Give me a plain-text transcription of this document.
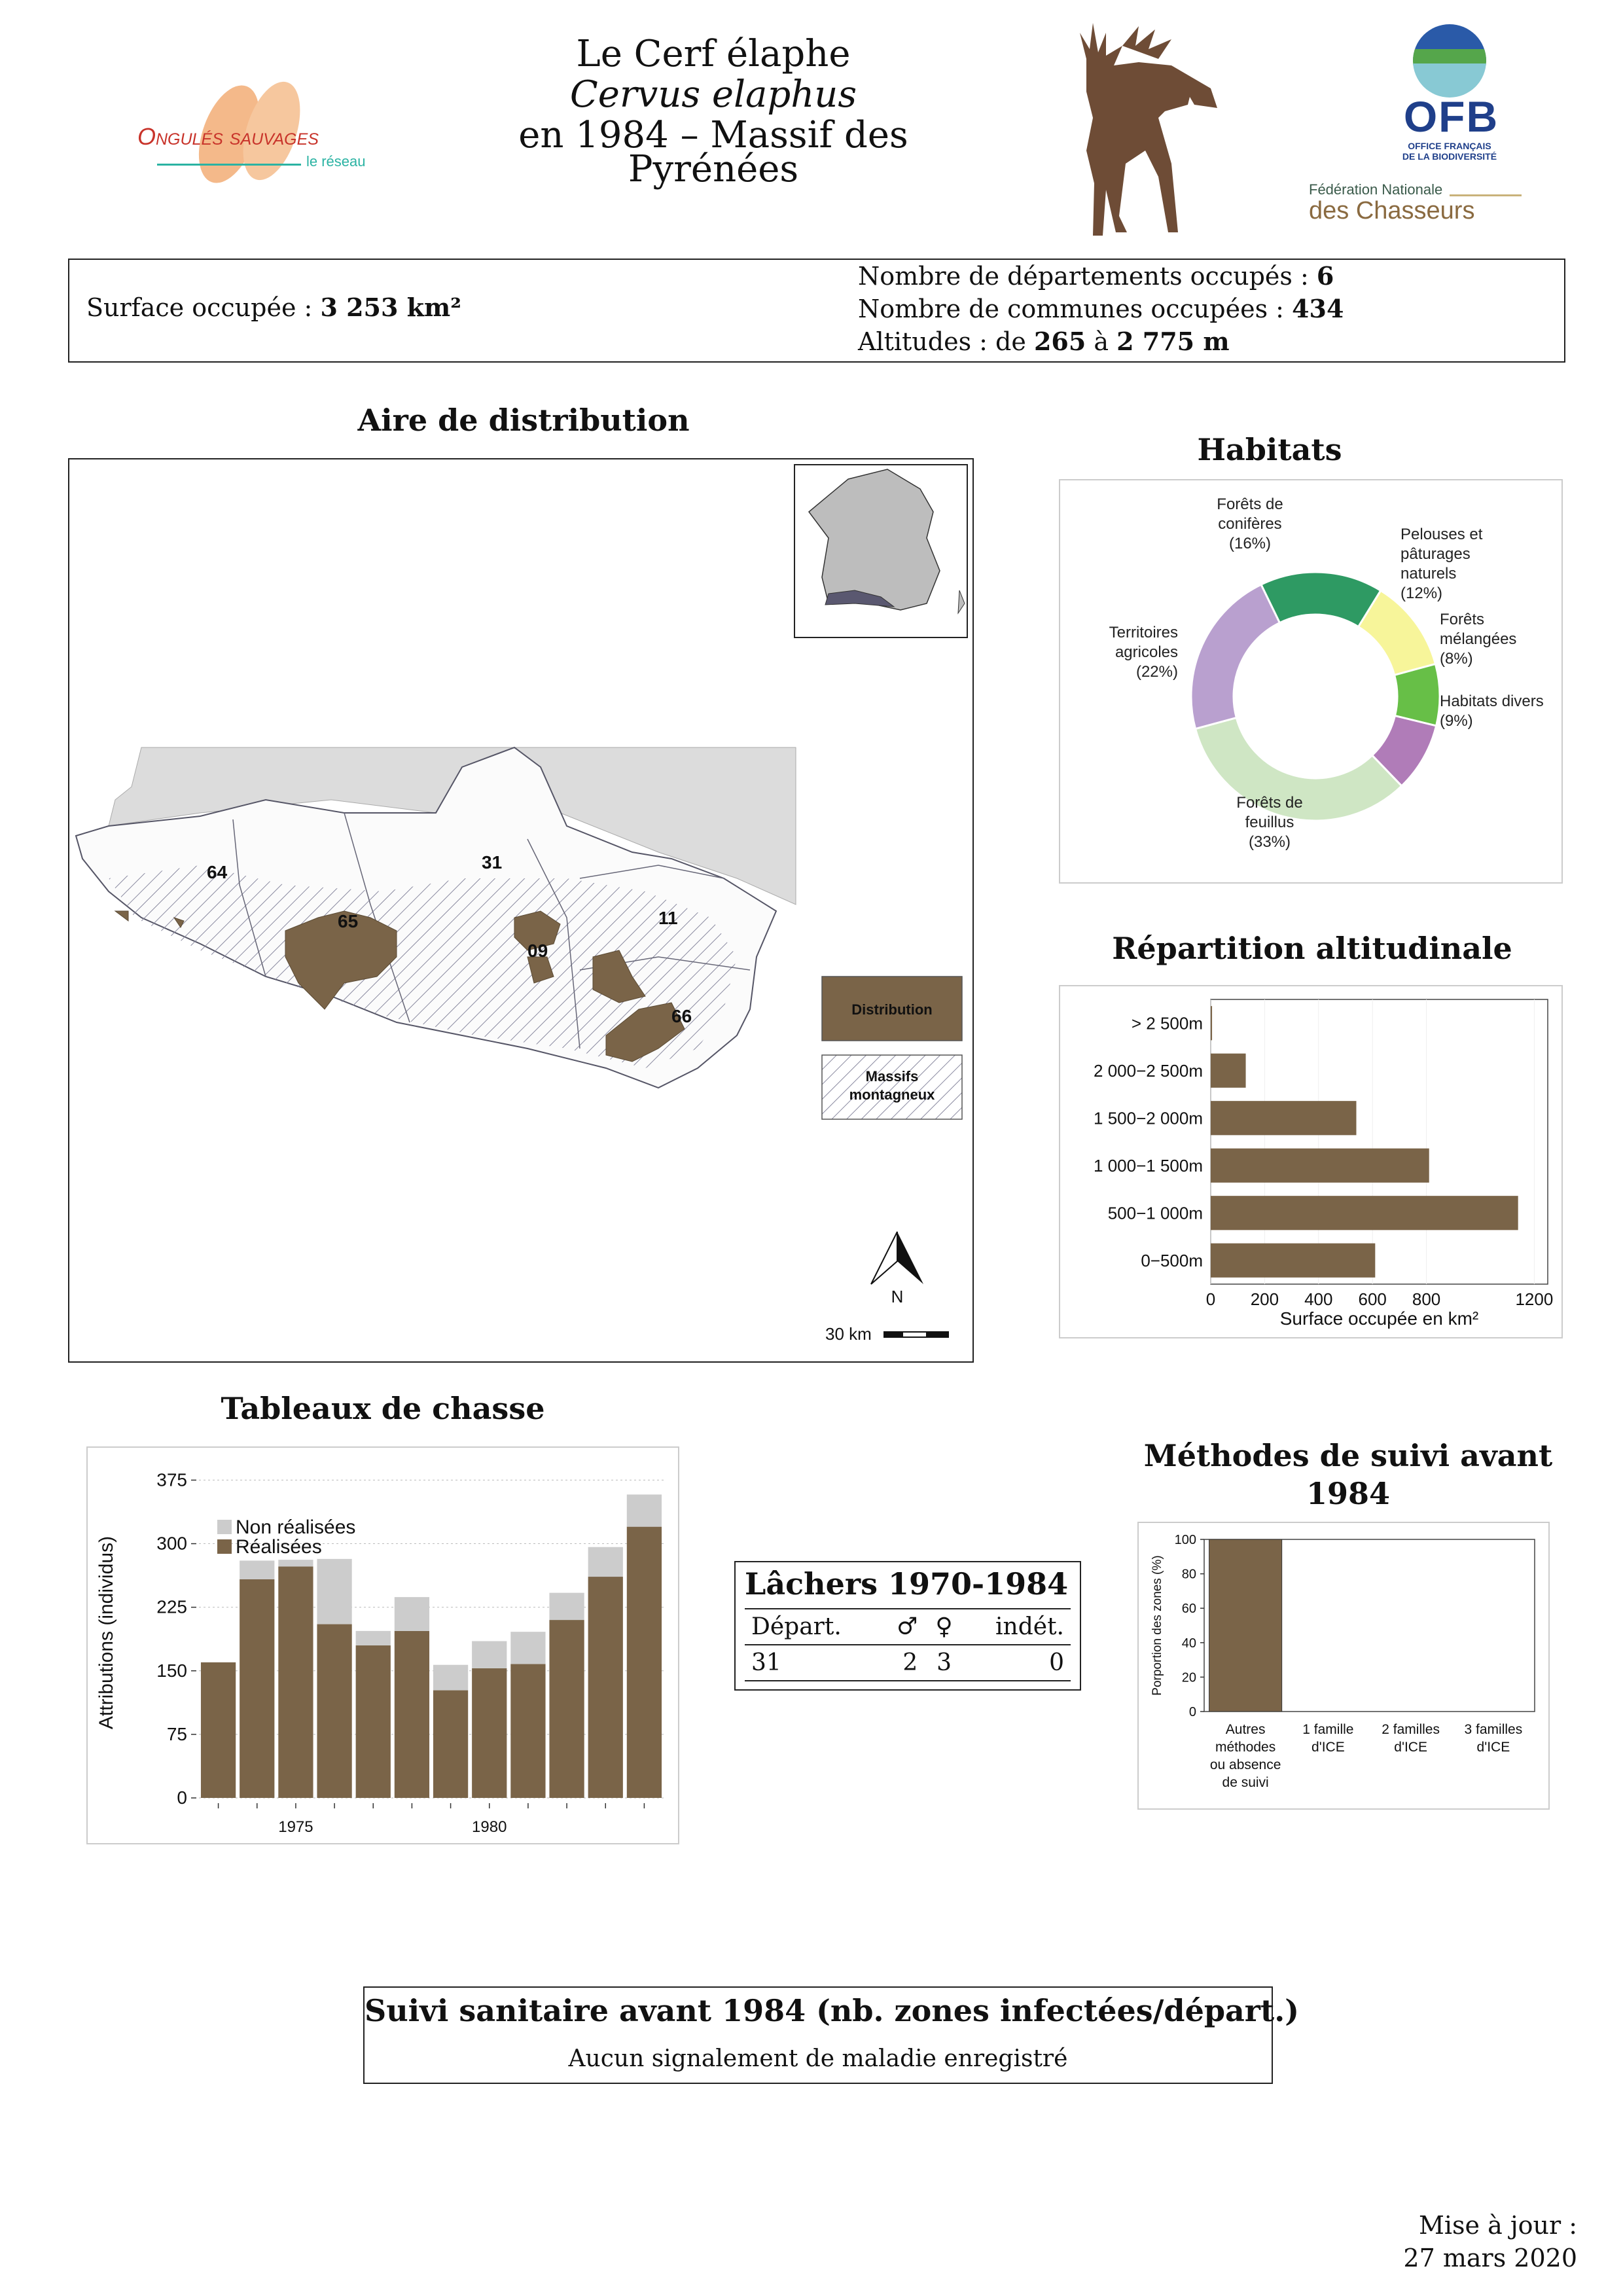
Ongulés sauvages
le réseau
Le Cerf élaphe
Cervus elaphus
en 1984 – Massif des
Pyrénées
OFB
OFFICE FRANÇAIS
DE LA BIODIVERSITÉ
Fédération Nationale
des Chasseurs
Surface occupée : 3 253 km²
Nombre de départements occupés : 6
Nombre de communes occupées : 434
Altitudes : de 265 à 2 775 m
Aire de distribution
64
65
31
09
11
66	Distribution
Massifs
montagneux
N
30 km
Habitats
Forêts de
conifères
(16%)
Pelouses et
pâturages
naturels
(12%)
Forêts
mélangées
(8%)
Habitats divers
(9%)
Forêts de
feuillus
(33%)
Territoires
agricoles
(22%)
Répartition altitudinale
0 200 400 600 800	1200
> 2 500m
2 000−2 500m
1 500−2 000m
1 000−1 500m
500−1 000m
0−500m
Surface occupée en km²
Tableaux de chasse
0
75
150
225
300
375
1975	1980
Attributions (individus)
Non réalisées
Réalisées
Lâchers 1970-1984
Départ.	♂	♀	indét.
31	2	3	0
Méthodes de suivi avant
1984
0
20
40
60
80
100
Autres
méthodes
ou absence
de suivi
1 famille
d'ICE
2 familles
d'ICE
3 familles
d'ICE
Porportion des zones (%)
Suivi sanitaire avant 1984 (nb. zones infectées/départ.)
Aucun signalement de maladie enregistré
Mise à jour :
27 mars 2020
